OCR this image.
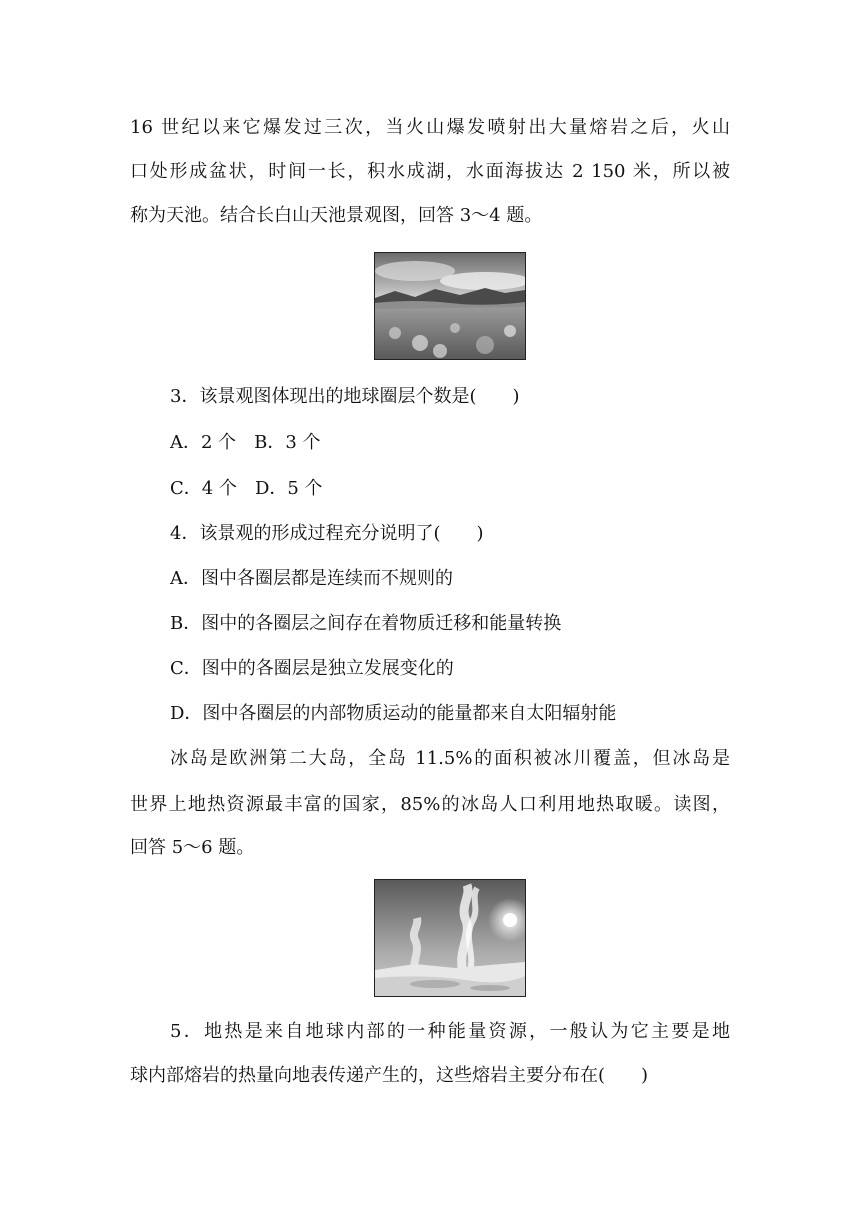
16 世纪以来它爆发过三次，当火山爆发喷射出大量熔岩之后，火山
口处形成盆状，时间一长，积水成湖，水面海拔达 2 150 米，所以被
称为天池。结合长白山天池景观图，回答 3～4 题。
3．该景观图体现出的地球圈层个数是(　　)
A．2 个　B．3 个
C．4 个　D．5 个
4．该景观的形成过程充分说明了(　　)
A．图中各圈层都是连续而不规则的
B．图中的各圈层之间存在着物质迁移和能量转换
C．图中的各圈层是独立发展变化的
D．图中各圈层的内部物质运动的能量都来自太阳辐射能
冰岛是欧洲第二大岛，全岛 11.5%的面积被冰川覆盖，但冰岛是
世界上地热资源最丰富的国家，85%的冰岛人口利用地热取暖。读图，
回答 5～6 题。
5．地热是来自地球内部的一种能量资源，一般认为它主要是地
球内部熔岩的热量向地表传递产生的，这些熔岩主要分布在(　　)
